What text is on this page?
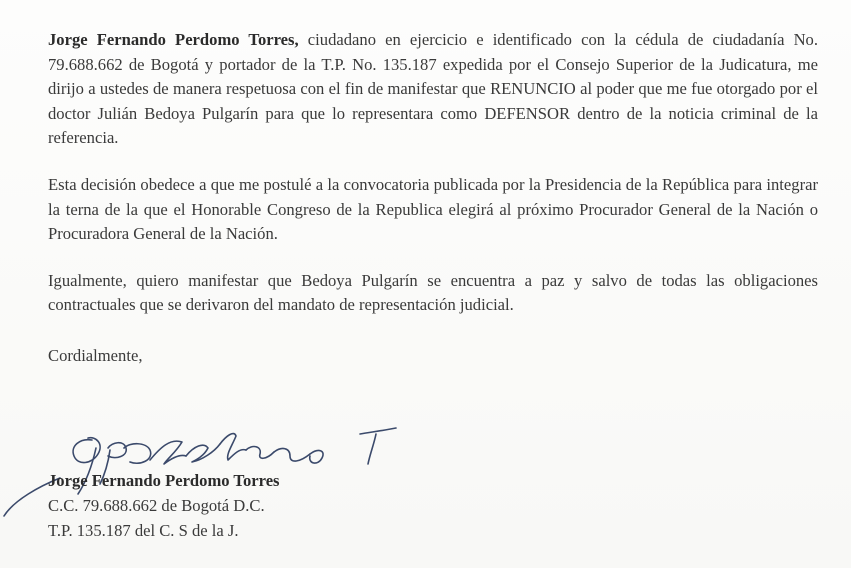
Jorge Fernando Perdomo Torres, ciudadano en ejercicio e identificado con la cédula de ciudadanía No. 79.688.662 de Bogotá y portador de la T.P. No. 135.187 expedida por el Consejo Superior de la Judicatura, me dirijo a ustedes de manera respetuosa con el fin de manifestar que RENUNCIO al poder que me fue otorgado por el doctor Julián Bedoya Pulgarín para que lo representara como DEFENSOR dentro de la noticia criminal de la referencia.

Esta decisión obedece a que me postulé a la convocatoria publicada por la Presidencia de la República para integrar la terna de la que el Honorable Congreso de la Republica elegirá al próximo Procurador General de la Nación o Procuradora General de la Nación.

Igualmente, quiero manifestar que Bedoya Pulgarín se encuentra a paz y salvo de todas las obligaciones contractuales que se derivaron del mandato de representación judicial.

Cordialmente,

Jorge Fernando Perdomo Torres
C.C. 79.688.662 de Bogotá D.C.
T.P. 135.187 del C. S de la J.
